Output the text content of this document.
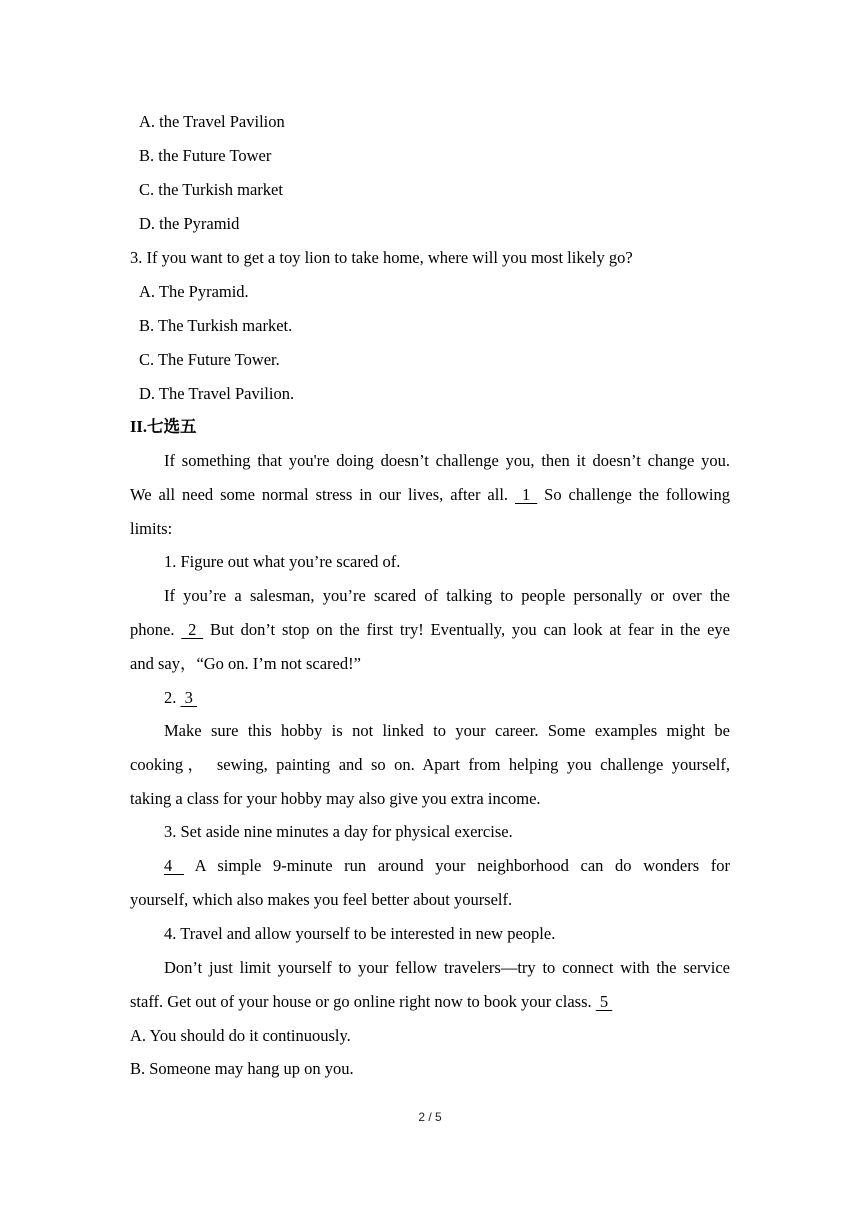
A. the Travel Pavilion
B. the Future Tower
C. the Turkish market
D. the Pyramid
3. If you want to get a toy lion to take home, where will you most likely go?
A. The Pyramid.
B. The Turkish market.
C. The Future Tower.
D. The Travel Pavilion.
II.七选五
If something that you're doing doesn’t challenge you, then it doesn’t change you.
We all need some normal stress in our lives, after all.  1  So challenge the following
limits:
1. Figure out what you’re scared of.
If you’re a salesman, you’re scared of talking to people personally or over the
phone.  2  But don’t stop on the first try! Eventually, you can look at fear in the eye
and say，“Go on. I’m not scared!”
2.  3
Make sure this hobby is not linked to your career. Some examples might be
cooking， sewing, painting and so on. Apart from helping you challenge yourself,
taking a class for your hobby may also give you extra income.
3. Set aside nine minutes a day for physical exercise.
4  A simple 9-minute run around your neighborhood can do wonders for
yourself, which also makes you feel better about yourself.
4. Travel and allow yourself to be interested in new people.
Don’t just limit yourself to your fellow travelers—try to connect with the service
staff. Get out of your house or go online right now to book your class.  5
A. You should do it continuously.
B. Someone may hang up on you.
2 / 5
